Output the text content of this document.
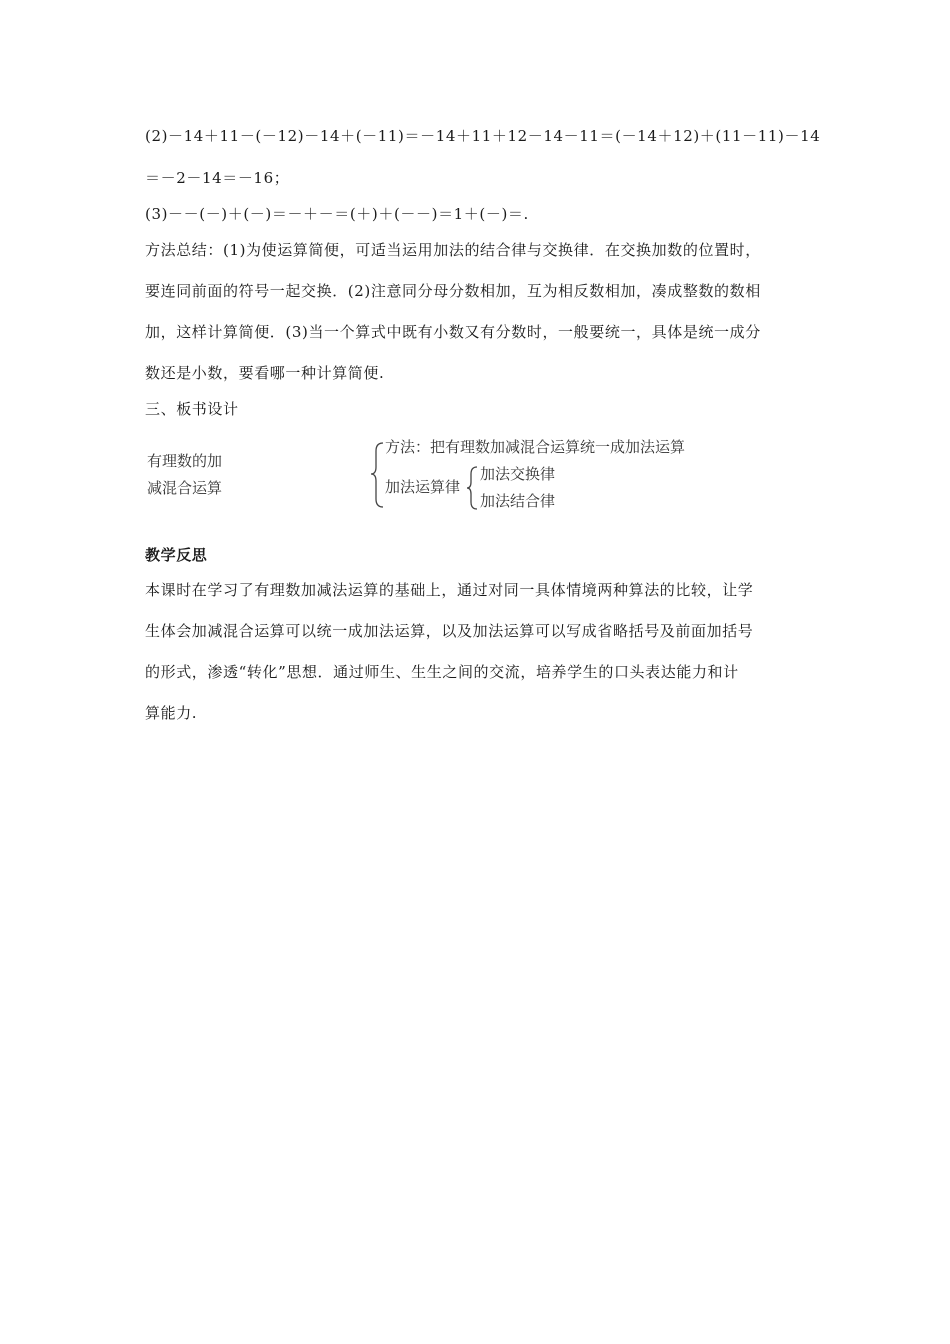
(2)－14＋11－(－12)－14＋(－11)＝－14＋11＋12－14－11＝(－14＋12)＋(11－11)－14
＝－2－14＝－16；
(3)－－(－)＋(－)＝－＋－＝(＋)＋(－－)＝1＋(－)＝.
方法总结：(1)为使运算简便，可适当运用加法的结合律与交换律．在交换加数的位置时，
要连同前面的符号一起交换．(2)注意同分母分数相加，互为相反数相加，凑成整数的数相
加，这样计算简便．(3)当一个算式中既有小数又有分数时，一般要统一，具体是统一成分
数还是小数，要看哪一种计算简便.
三、板书设计
有理数的加
减混合运算
方法：把有理数加减混合运算统一成加法运算
加法运算律
加法交换律
加法结合律
教学反思
本课时在学习了有理数加减法运算的基础上，通过对同一具体情境两种算法的比较，让学
生体会加减混合运算可以统一成加法运算，以及加法运算可以写成省略括号及前面加括号
的形式，渗透“转化”思想．通过师生、生生之间的交流，培养学生的口头表达能力和计
算能力.
